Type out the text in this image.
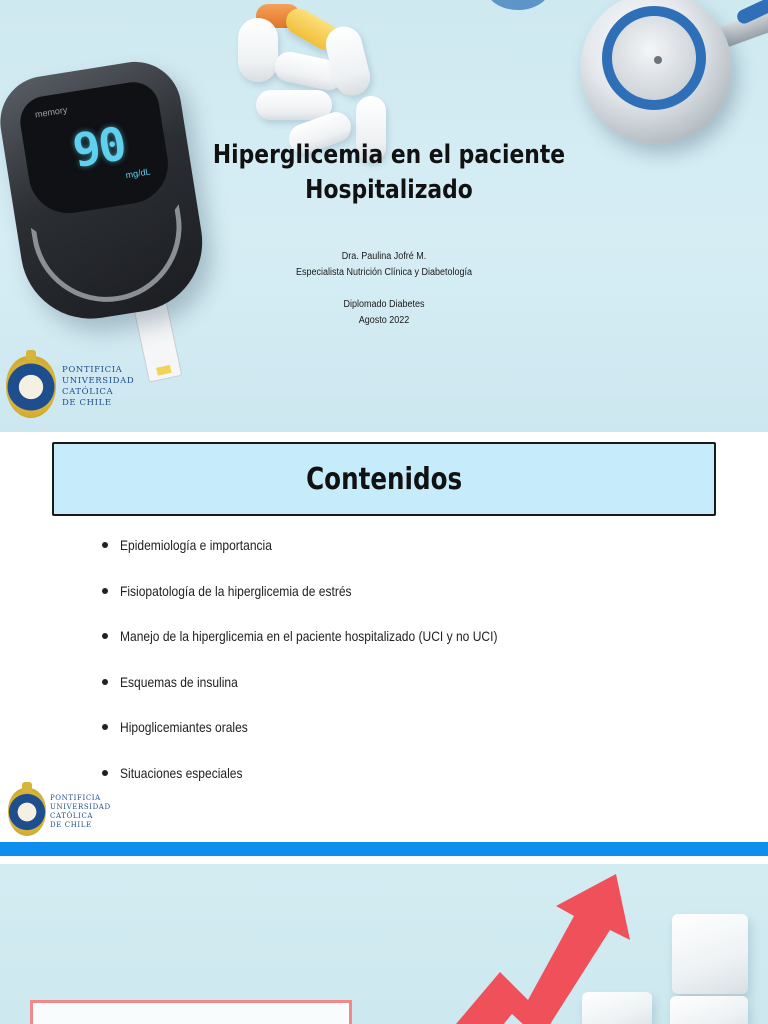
memory
90
mg/dL
Hiperglicemia en el paciente
Hospitalizado
Dra. Paulina Jofré M.
Especialista Nutrición Clínica y Diabetología
Diplomado Diabetes
Agosto 2022
PONTIFICIA
UNIVERSIDAD
CATÓLICA
DE CHILE
Contenidos
Epidemiología e importancia
Fisiopatología de la hiperglicemia de estrés
Manejo de la hiperglicemia en el paciente hospitalizado (UCI y no UCI)
Esquemas de insulina
Hipoglicemiantes orales
Situaciones especiales
PONTIFICIA
UNIVERSIDAD
CATÓLICA
DE CHILE
